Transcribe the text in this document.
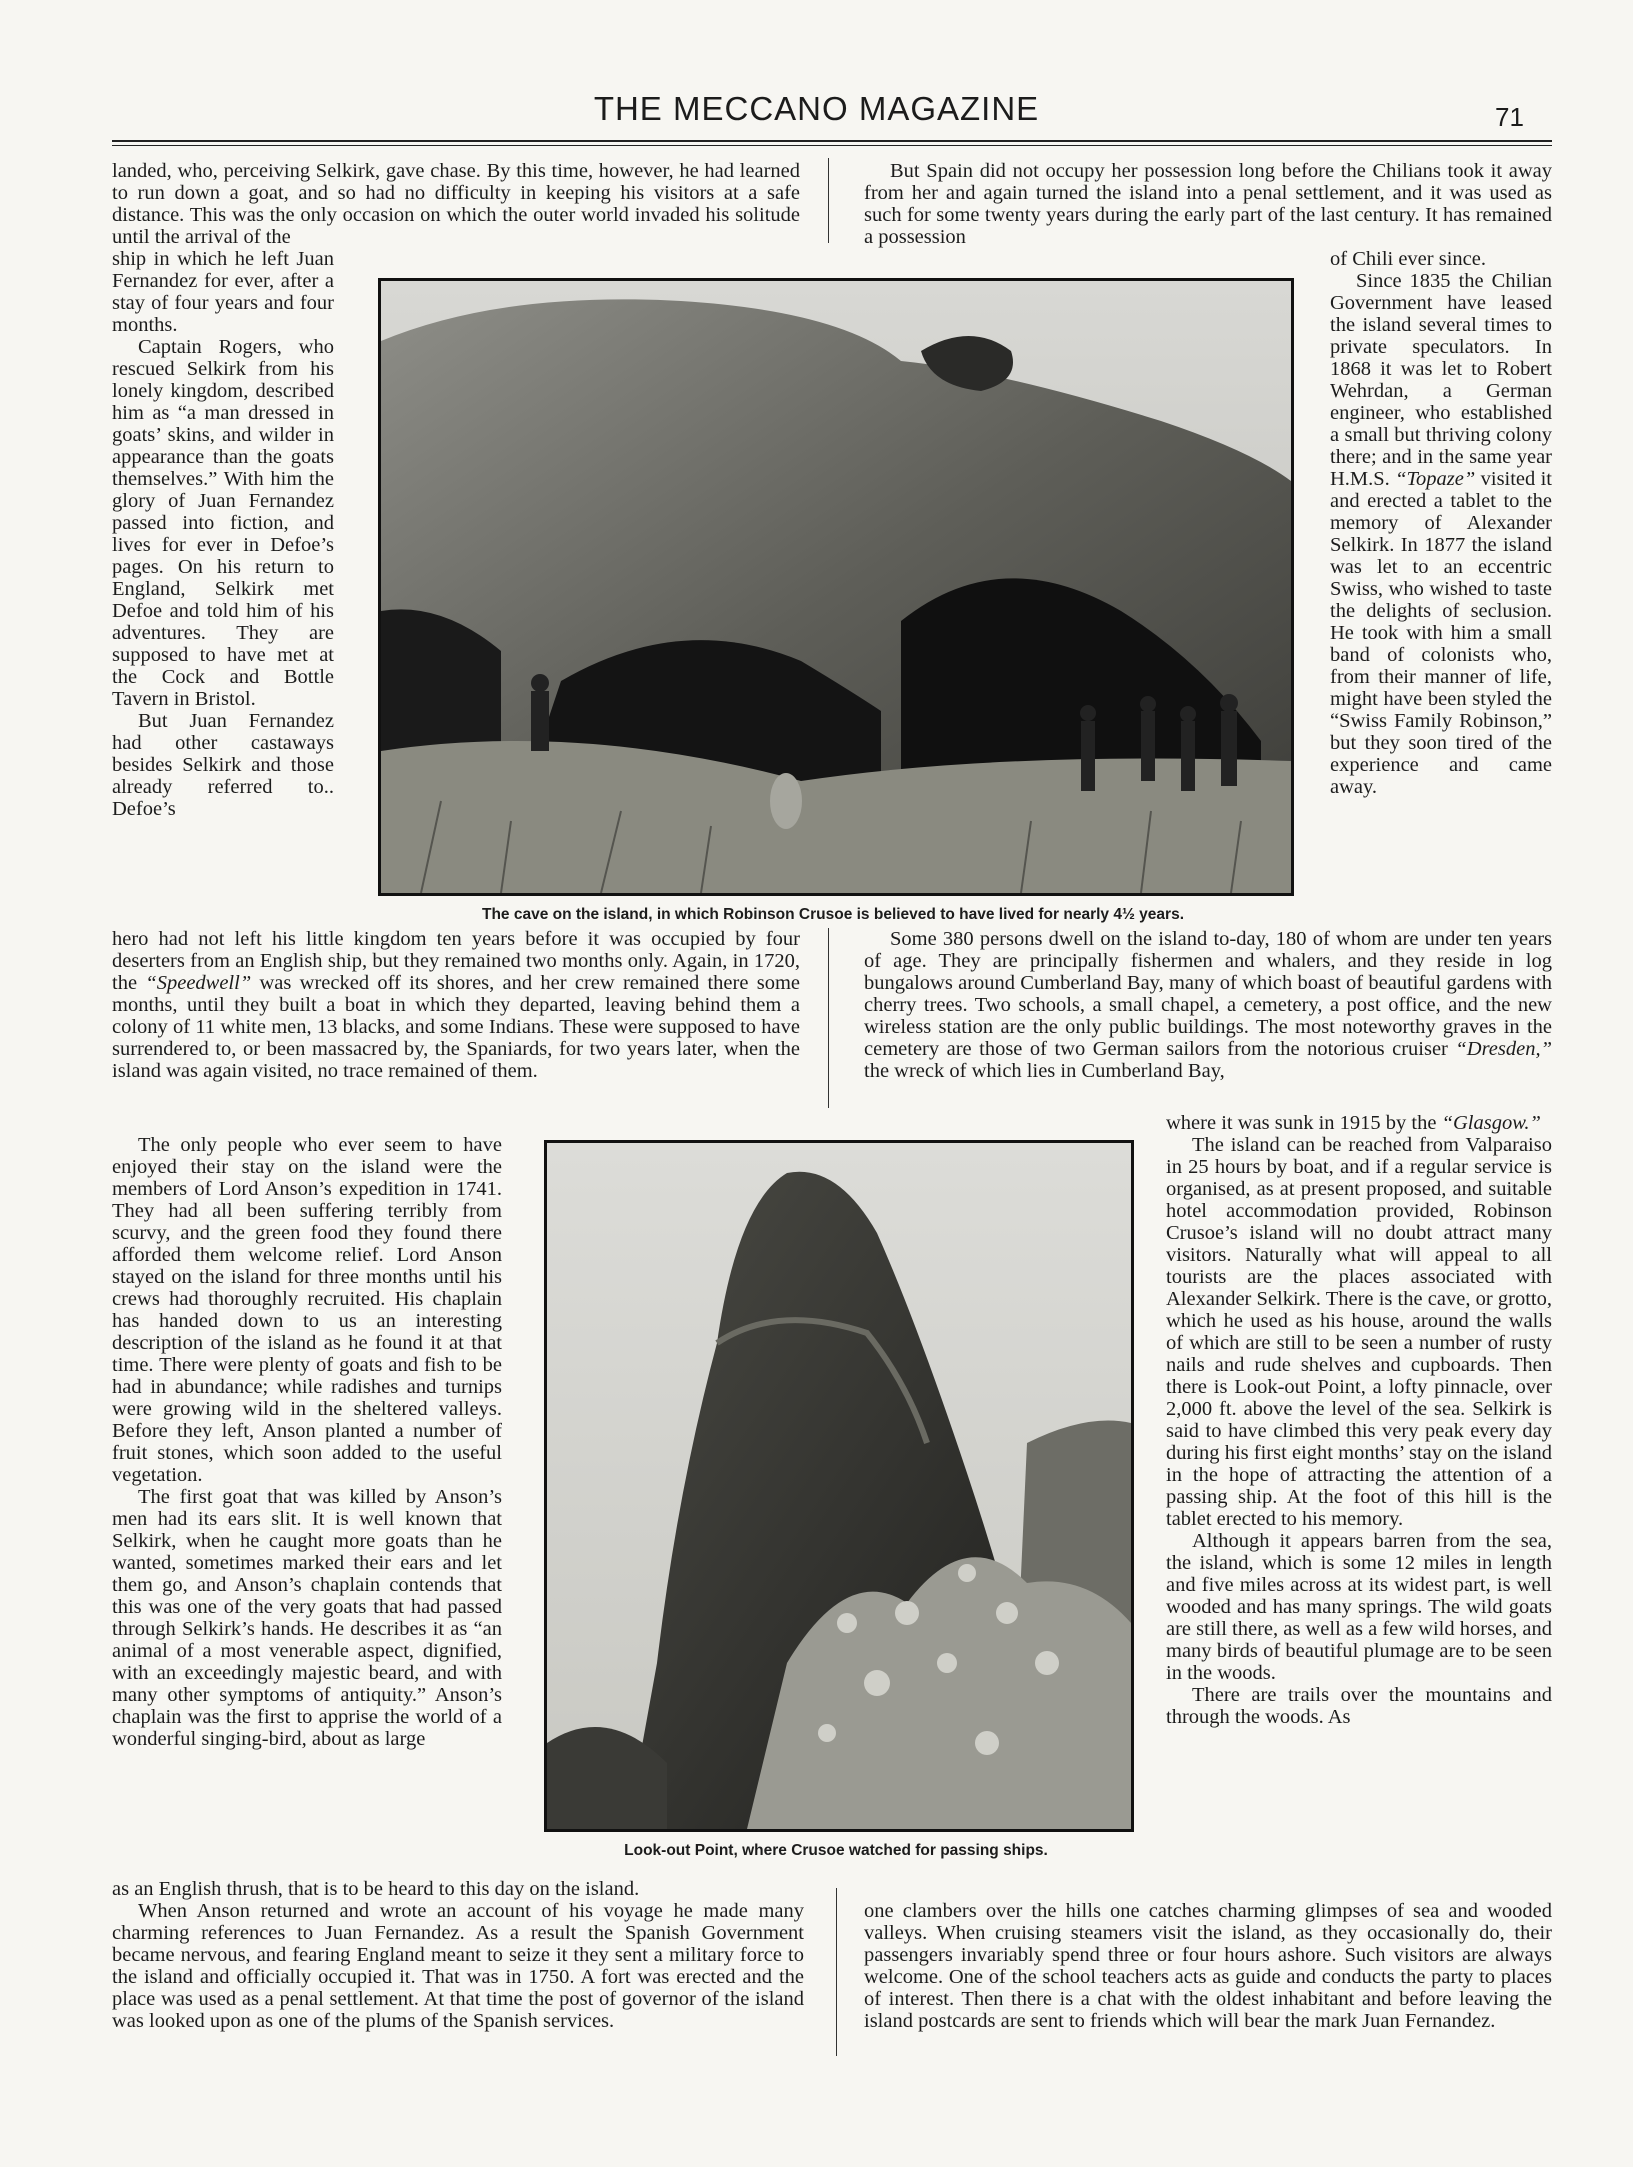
THE MECCANO MAGAZINE	71

landed, who, perceiving Selkirk, gave chase. By this time, however, he had learned to run down a goat, and so had no difficulty in keeping his visitors at a safe distance. This was the only occasion on which the outer world invaded his solitude until the arrival of the

ship in which he left Juan Fernandez for ever, after a stay of four years and four months.

Captain Rogers, who rescued Selkirk from his lonely kingdom, described him as “a man dressed in goats’ skins, and wilder in appearance than the goats themselves.” With him the glory of Juan Fernandez passed into fiction, and lives for ever in Defoe’s pages. On his return to England, Selkirk met Defoe and told him of his adventures. They are supposed to have met at the Cock and Bottle Tavern in Bristol.

But Juan Fernandez had other castaways besides Selkirk and those already referred to.. Defoe’s

The cave on the island, in which Robinson Crusoe is believed to have lived for nearly 4½ years.

hero had not left his little kingdom ten years before it was occupied by four deserters from an English ship, but they remained two months only. Again, in 1720, the “Speedwell” was wrecked off its shores, and her crew remained there some months, until they built a boat in which they departed, leaving behind them a colony of 11 white men, 13 blacks, and some Indians. These were supposed to have surrendered to, or been massacred by, the Spaniards, for two years later, when the island was again visited, no trace remained of them.

The only people who ever seem to have enjoyed their stay on the island were the members of Lord Anson’s expedition in 1741. They had all been suffering terribly from scurvy, and the green food they found there afforded them welcome relief. Lord Anson stayed on the island for three months until his crews had thoroughly recruited. His chaplain has handed down to us an interesting description of the island as he found it at that time. There were plenty of goats and fish to be had in abundance; while radishes and turnips were growing wild in the sheltered valleys. Before they left, Anson planted a number of fruit stones, which soon added to the useful vegetation.

The first goat that was killed by Anson’s men had its ears slit. It is well known that Selkirk, when he caught more goats than he wanted, sometimes marked their ears and let them go, and Anson’s chaplain contends that this was one of the very goats that had passed through Selkirk’s hands. He describes it as “an animal of a most venerable aspect, dignified, with an exceedingly majestic beard, and with many other symptoms of antiquity.” Anson’s chaplain was the first to apprise the world of a wonderful singing-bird, about as large

Look-out Point, where Crusoe watched for passing ships.

as an English thrush, that is to be heard to this day on the island.

When Anson returned and wrote an account of his voyage he made many charming references to Juan Fernandez. As a result the Spanish Government became nervous, and fearing England meant to seize it they sent a military force to the island and officially occupied it. That was in 1750. A fort was erected and the place was used as a penal settlement. At that time the post of governor of the island was looked upon as one of the plums of the Spanish services.

But Spain did not occupy her possession long before the Chilians took it away from her and again turned the island into a penal settlement, and it was used as such for some twenty years during the early part of the last century. It has remained a possession

of Chili ever since.

Since 1835 the Chilian Government have leased the island several times to private speculators. In 1868 it was let to Robert Wehrdan, a German engineer, who established a small but thriving colony there; and in the same year H.M.S. “Topaze” visited it and erected a tablet to the memory of Alexander Selkirk. In 1877 the island was let to an eccentric Swiss, who wished to taste the delights of seclusion. He took with him a small band of colonists who, from their manner of life, might have been styled the “Swiss Family Robinson,” but they soon tired of the experience and came away.

Some 380 persons dwell on the island to-day, 180 of whom are under ten years of age. They are principally fishermen and whalers, and they reside in log bungalows around Cumberland Bay, many of which boast of beautiful gardens with cherry trees. Two schools, a small chapel, a cemetery, a post office, and the new wireless station are the only public buildings. The most noteworthy graves in the cemetery are those of two German sailors from the notorious cruiser “Dresden,” the wreck of which lies in Cumberland Bay,

where it was sunk in 1915 by the “Glasgow.”

The island can be reached from Valparaiso in 25 hours by boat, and if a regular service is organised, as at present proposed, and suitable hotel accommodation provided, Robinson Crusoe’s island will no doubt attract many visitors. Naturally what will appeal to all tourists are the places associated with Alexander Selkirk. There is the cave, or grotto, which he used as his house, around the walls of which are still to be seen a number of rusty nails and rude shelves and cupboards. Then there is Look-out Point, a lofty pinnacle, over 2,000 ft. above the level of the sea. Selkirk is said to have climbed this very peak every day during his first eight months’ stay on the island in the hope of attracting the attention of a passing ship. At the foot of this hill is the tablet erected to his memory.

Although it appears barren from the sea, the island, which is some 12 miles in length and five miles across at its widest part, is well wooded and has many springs. The wild goats are still there, as well as a few wild horses, and many birds of beautiful plumage are to be seen in the woods.

There are trails over the mountains and through the woods. As

one clambers over the hills one catches charming glimpses of sea and wooded valleys. When cruising steamers visit the island, as they occasionally do, their passengers invariably spend three or four hours ashore. Such visitors are always welcome. One of the school teachers acts as guide and conducts the party to places of interest. Then there is a chat with the oldest inhabitant and before leaving the island postcards are sent to friends which will bear the mark Juan Fernandez.
